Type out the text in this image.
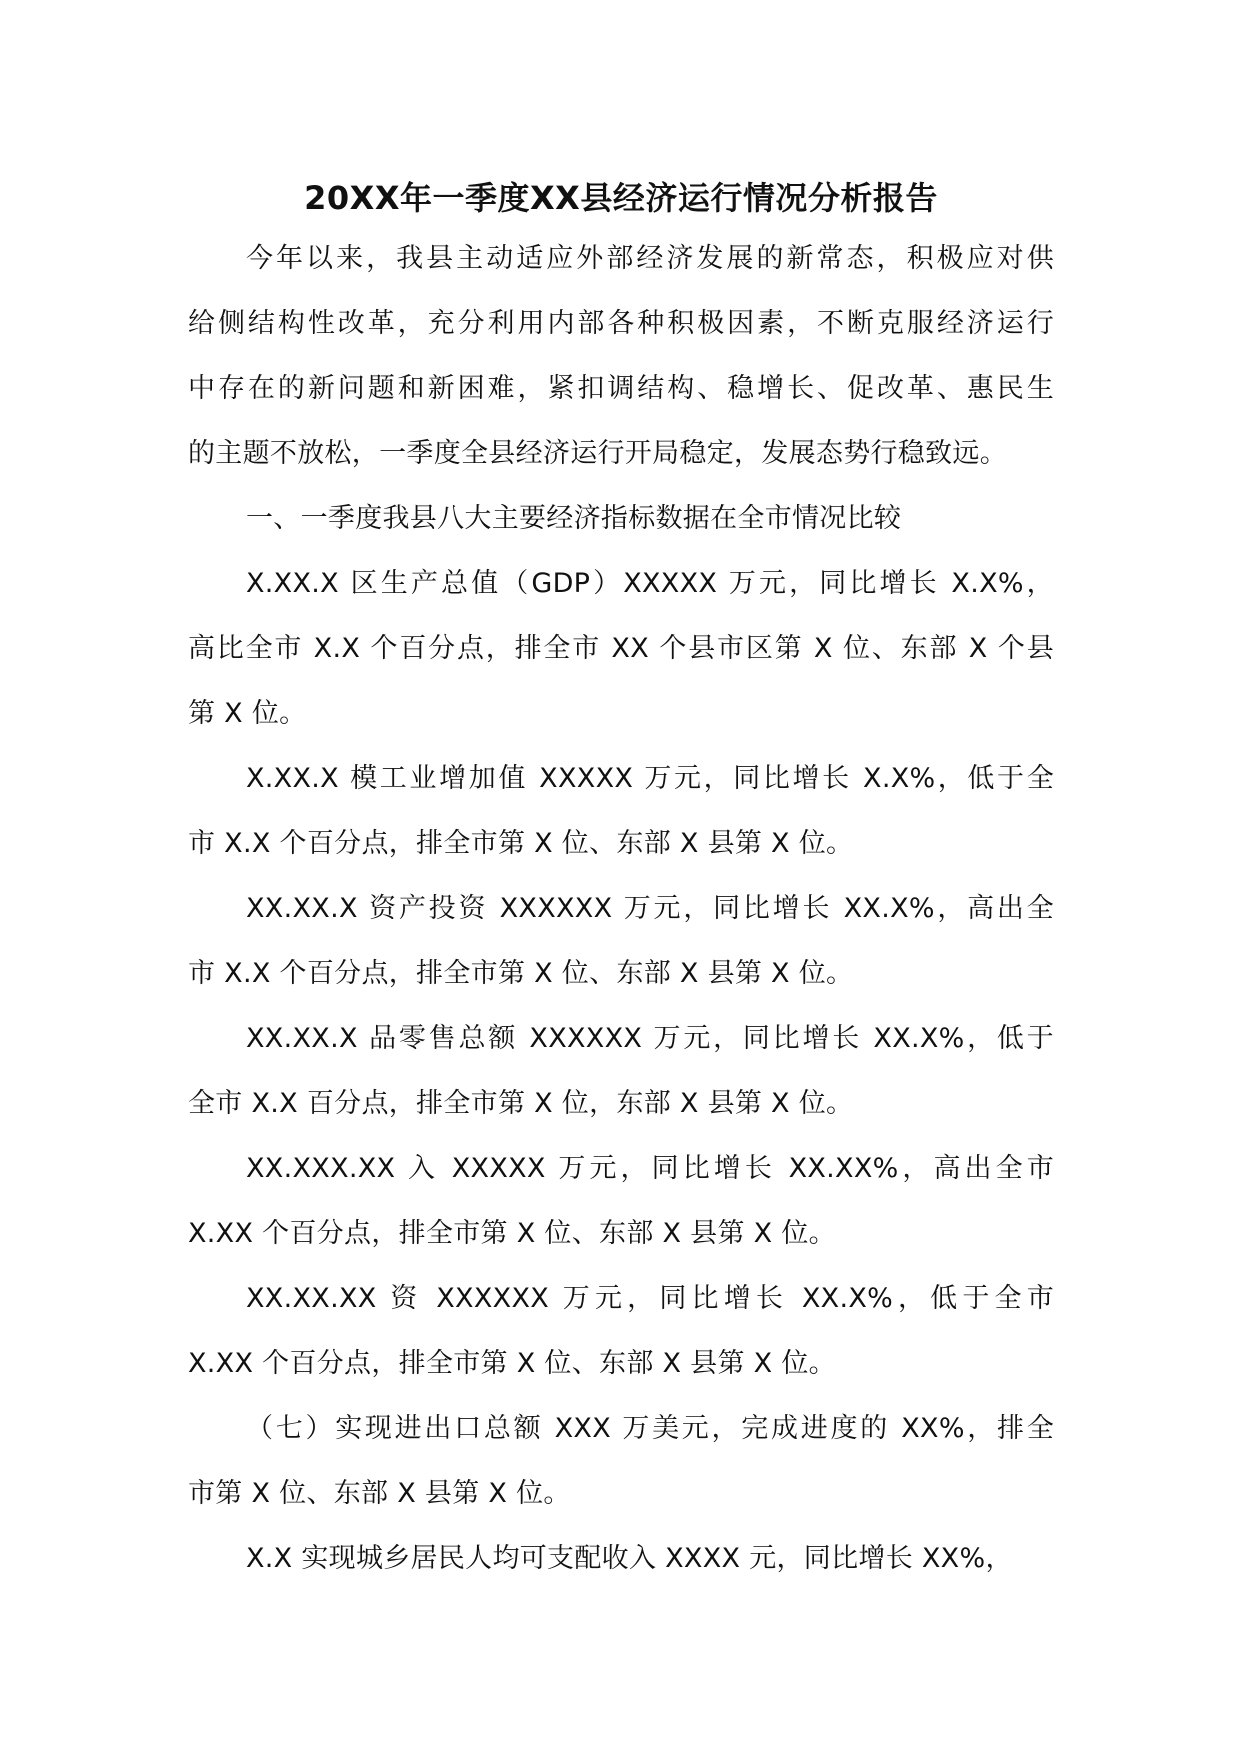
20XX年一季度XX县经济运行情况分析报告
今年以来，我县主动适应外部经济发展的新常态，积极应对供
给侧结构性改革，充分利用内部各种积极因素，不断克服经济运行
中存在的新问题和新困难，紧扣调结构、稳增长、促改革、惠民生
的主题不放松，一季度全县经济运行开局稳定，发展态势行稳致远。
一、一季度我县八大主要经济指标数据在全市情况比较
X.XX.X 区生产总值（GDP）XXXXX 万元，同比增长 X.X%，
高比全市 X.X 个百分点，排全市 XX 个县市区第 X 位、东部 X 个县
第 X 位。
X.XX.X 模工业增加值 XXXXX 万元，同比增长 X.X%，低于全
市 X.X 个百分点，排全市第 X 位、东部 X 县第 X 位。
XX.XX.X 资产投资 XXXXXX 万元，同比增长 XX.X%，高出全
市 X.X 个百分点，排全市第 X 位、东部 X 县第 X 位。
XX.XX.X 品零售总额 XXXXXX 万元，同比增长 XX.X%，低于
全市 X.X 百分点，排全市第 X 位，东部 X 县第 X 位。
XX.XXX.XX 入 XXXXX 万元，同比增长 XX.XX%，高出全市
X.XX 个百分点，排全市第 X 位、东部 X 县第 X 位。
XX.XX.XX 资 XXXXXX 万元，同比增长 XX.X%，低于全市
X.XX 个百分点，排全市第 X 位、东部 X 县第 X 位。
（七）实现进出口总额 XXX 万美元，完成进度的 XX%，排全
市第 X 位、东部 X 县第 X 位。
X.X 实现城乡居民人均可支配收入 XXXX 元，同比增长 XX%，
